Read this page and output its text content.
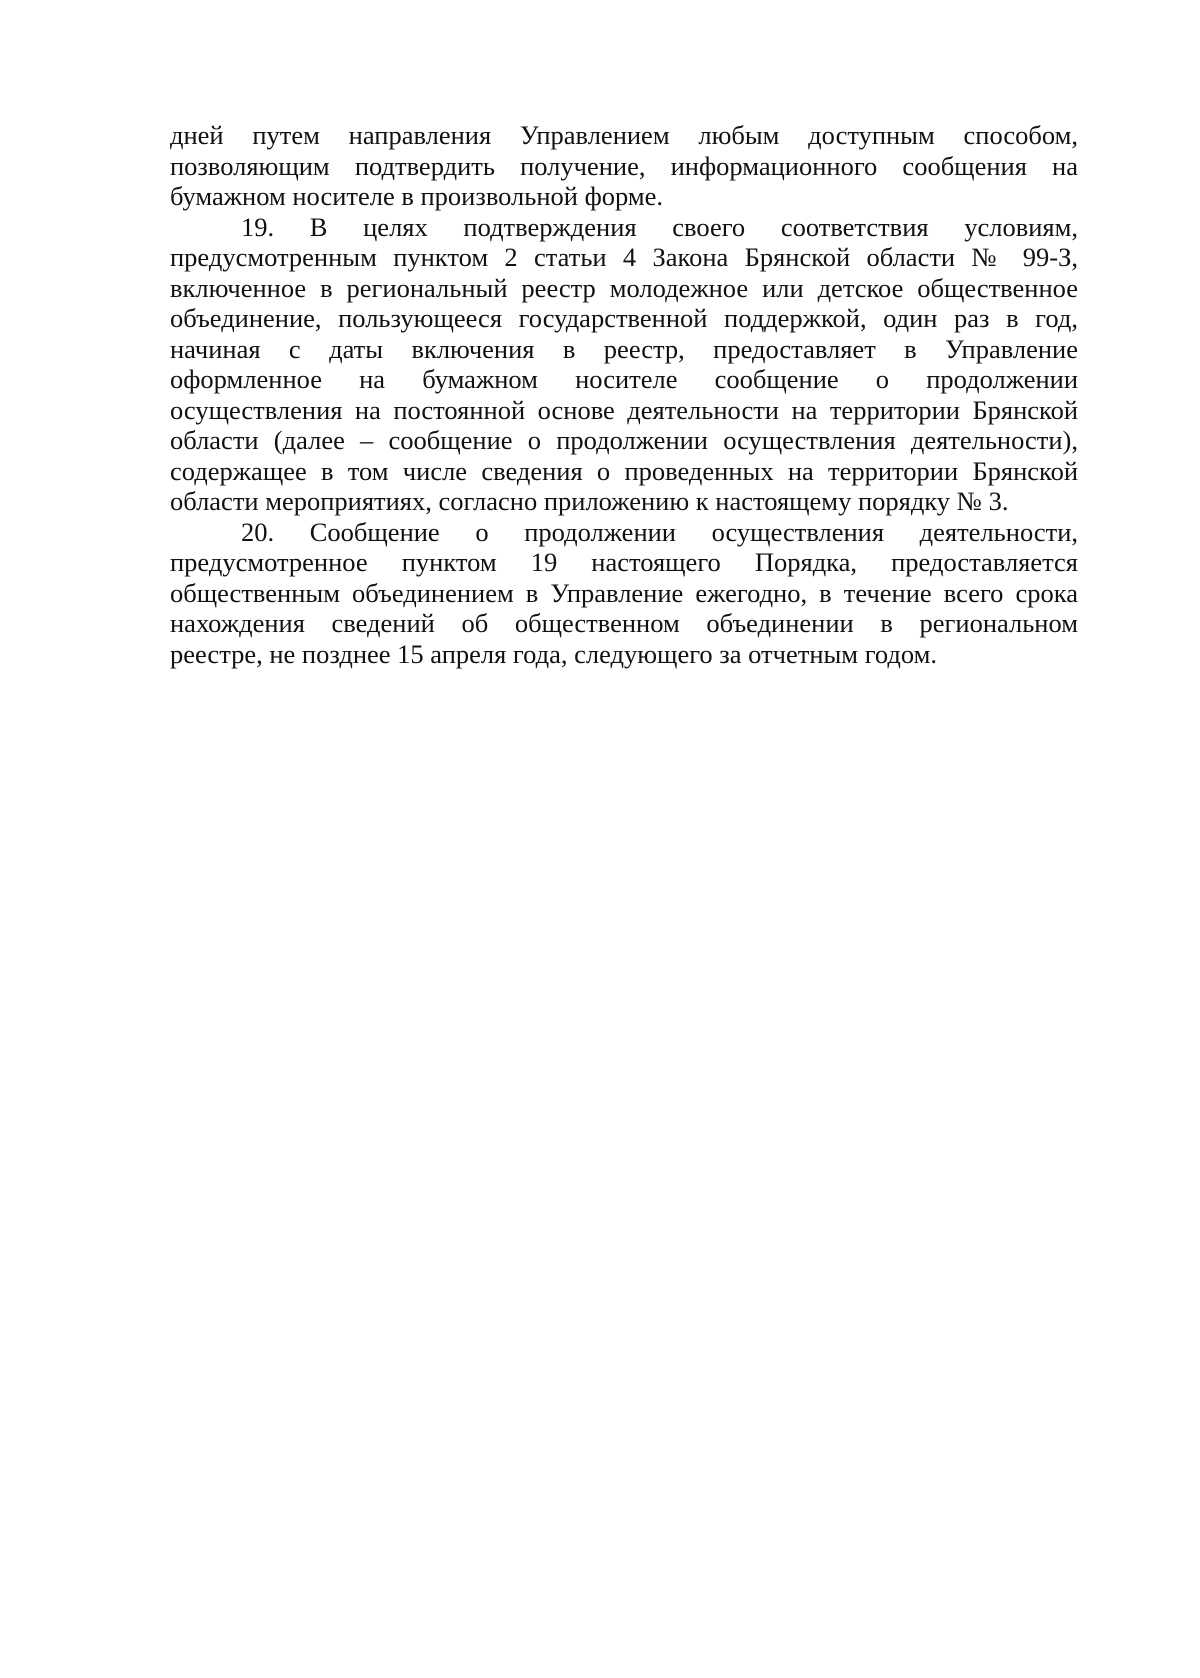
дней путем направления Управлением любым доступным способом,
позволяющим подтвердить получение, информационного сообщения на
бумажном носителе в произвольной форме.

19. В целях подтверждения своего соответствия условиям,
предусмотренным пунктом 2 статьи 4 Закона Брянской области № 99-З,
включенное в региональный реестр молодежное или детское общественное
объединение, пользующееся государственной поддержкой, один раз в год,
начиная с даты включения в реестр, предоставляет в Управление
оформленное на бумажном носителе сообщение о продолжении
осуществления на постоянной основе деятельности на территории Брянской
области (далее – сообщение о продолжении осуществления деятельности),
содержащее в том числе сведения о проведенных на территории Брянской
области мероприятиях, согласно приложению к настоящему порядку № 3.

20. Сообщение о продолжении осуществления деятельности,
предусмотренное пунктом 19 настоящего Порядка, предоставляется
общественным объединением в Управление ежегодно, в течение всего срока
нахождения сведений об общественном объединении в региональном
реестре, не позднее 15 апреля года, следующего за отчетным годом.
